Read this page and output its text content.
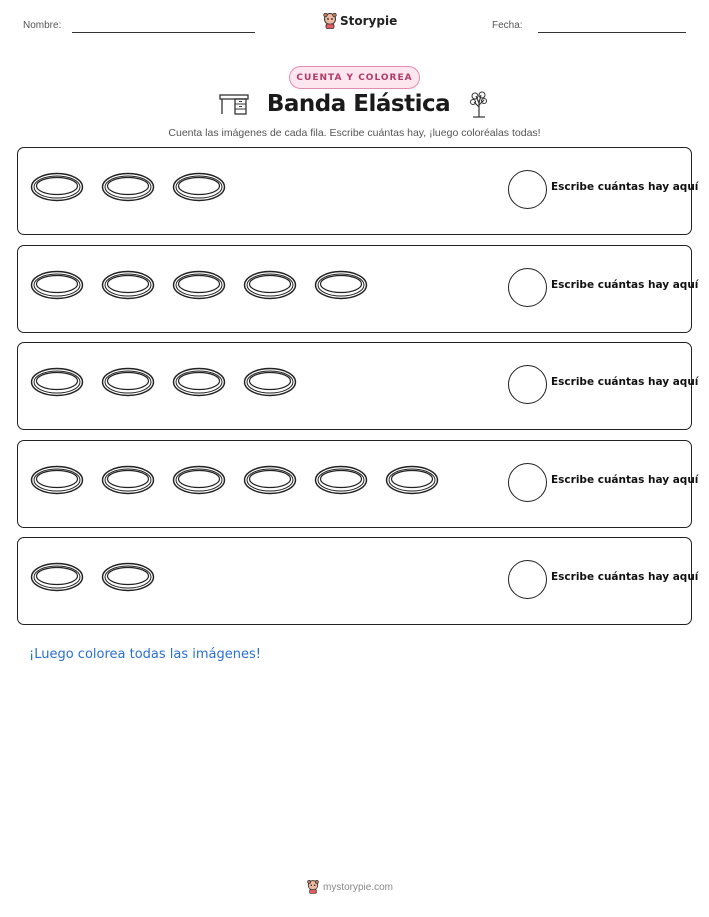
Nombre:	Fecha:
Storypie
CUENTA Y COLOREA
Banda Elástica
Cuenta las imágenes de cada fila. Escribe cuántas hay, ¡luego coloréalas todas!
Escribe cuántas hay aquí
Escribe cuántas hay aquí
Escribe cuántas hay aquí
Escribe cuántas hay aquí
Escribe cuántas hay aquí
¡Luego colorea todas las imágenes!
mystorypie.com
